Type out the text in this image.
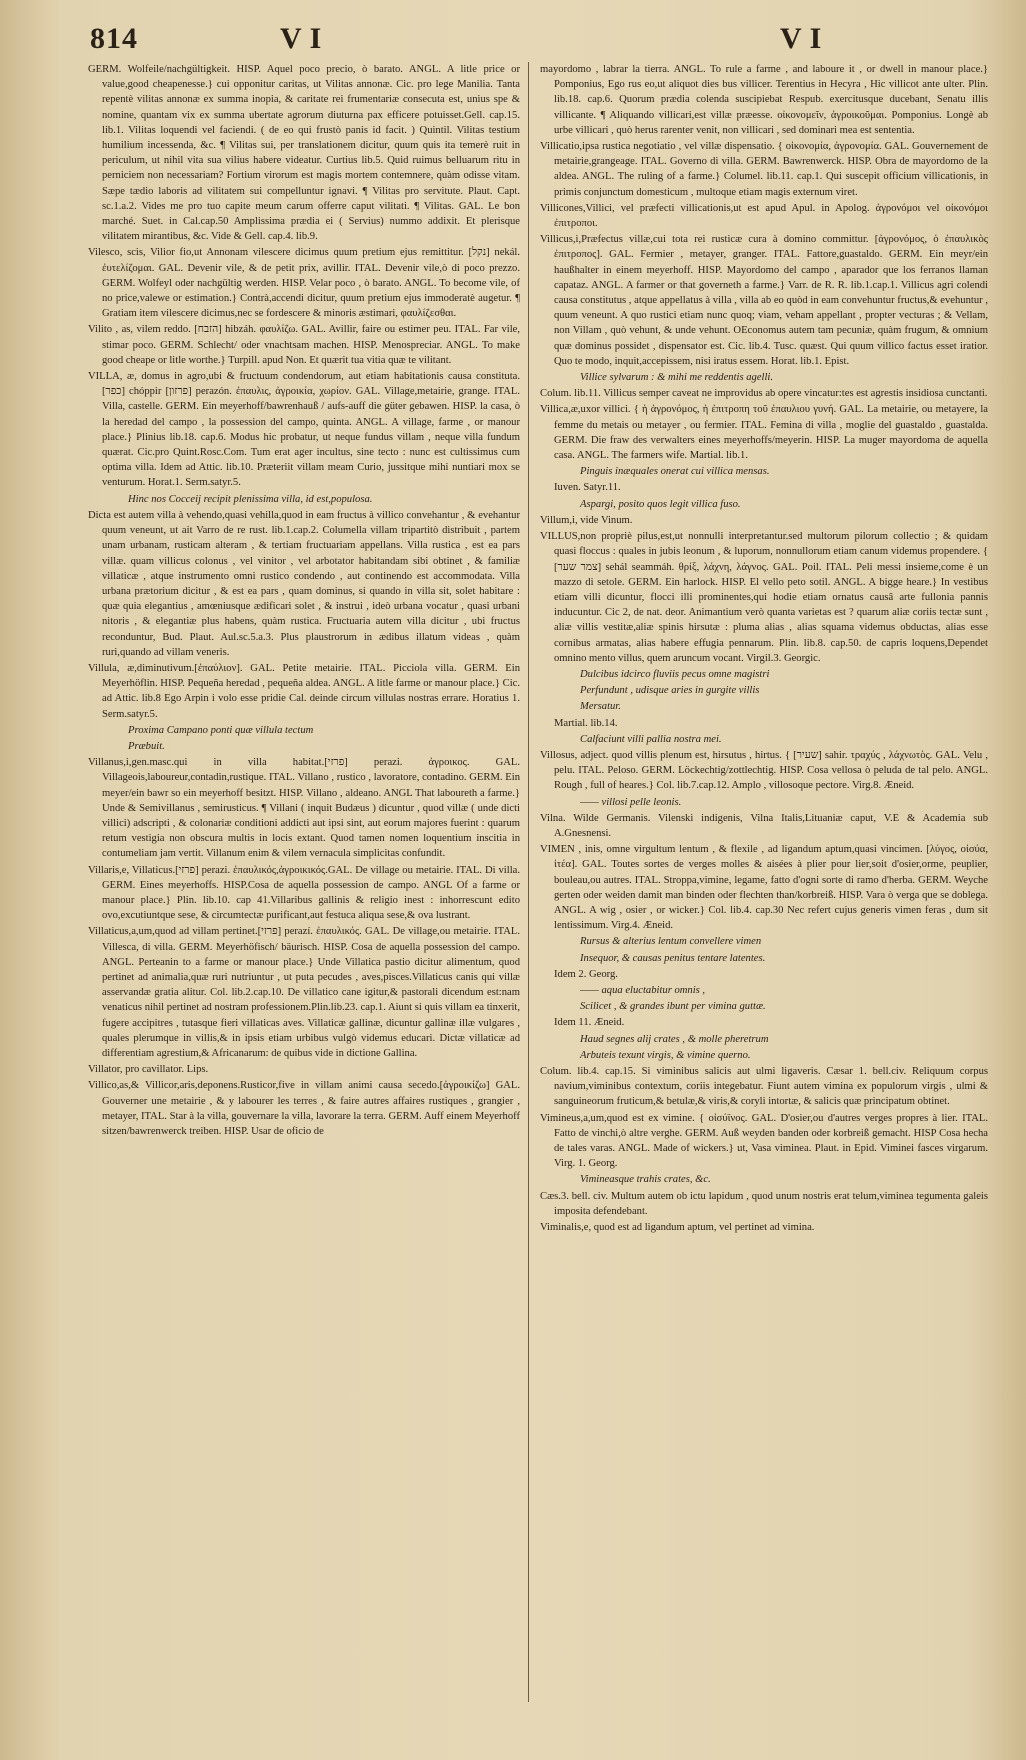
814	VI	VI

GERM. Wolfeile/nachgültigkeit. HISP. Aquel poco precio, ò barato. ANGL. A litle price or value,good cheapenesse.} cui opponitur caritas, ut Vilitas annonæ. Cic. pro lege Manilia. Tanta repentè vilitas annonæ ex summa inopia, & caritate rei frumentariæ consecuta est, unius spe & nomine, quantam vix ex summa ubertate agrorum diuturna pax efficere potuisset.Gell. cap.15. lib.1. Vilitas loquendi vel faciendi. ( de eo qui frustò panis id facit. ) Quintil. Vilitas testium humilium incessenda, &c. ¶ Vilitas sui, per translationem dicitur, quum quis ita temerè ruit in periculum, ut nihil vita sua vilius habere videatur. Curtius lib.5. Quid ruimus belluarum ritu in perniciem non necessariam? Fortium virorum est magis mortem contemnere, quàm odisse vitam. Sæpe tædio laboris ad vilitatem sui compelluntur ignavi. ¶ Vilitas pro servitute. Plaut. Capt. sc.1.a.2. Vides me pro tuo capite meum carum offerre caput vilitati. ¶ Vilitas. GAL. Le bon marché. Suet. in Cal.cap.50 Amplissima prædia ei ( Servius) nummo addixit. Et plerisque vilitatem mirantibus, &c. Vide & Gell. cap.4. lib.9.

Vilesco, scis, Vilior fio,ut Annonam vilescere dicimus quum pretium ejus remittitur. [נקל] nekál. ἐυτελίζομαι. GAL. Devenir vile, & de petit prix, avillir. ITAL. Devenir vile,ò di poco prezzo. GERM. Wolfeyl oder nachgültig werden. HISP. Velar poco , ò barato. ANGL. To become vile, of no price,valewe or estimation.} Contrà,accendi dicitur, quum pretium ejus immoderatè augetur. ¶ Gratiam item vilescere dicimus,nec se fordescere & minoris æstimari, φαυλίζεσθαι.

Vilito , as, vilem reddo. [הזבח] hibzáh. φαυλίζω. GAL. Avillir, faire ou estimer peu. ITAL. Far vile, stimar poco. GERM. Schlecht/ oder vnachtsam machen. HISP. Menospreciar. ANGL. To make good cheape or litle worthe.} Turpill. apud Non. Et quærit tua vitia quæ te vilitant.

VILLA, æ, domus in agro,ubi & fructuum condendorum, aut etiam habitationis causa constituta. [כפר] chóppir [פרזון] perazón. ἐπαυλις, ἀγροικία, χωρίον. GAL. Village,metairie, grange. ITAL. Villa, castelle. GERM. Ein meyerhoff/bawrenhauß / aufs-auff die güter gebawen. HISP. la casa, ò la heredad del campo , la possession del campo, quinta. ANGL. A village, farme , or manour place.} Plinius lib.18. cap.6. Modus hic probatur, ut neque fundus villam , neque villa fundum quærat. Cic.pro Quint.Rosc.Com. Tum erat ager incultus, sine tecto : nunc est cultissimus cum optima villa. Idem ad Attic. lib.10. Præteriit villam meam Curio, jussitque mihi nuntiari mox se venturum. Horat.1. Serm.satyr.5.

Hinc nos Cocceij recipit plenissima villa, id est,populosa.

Dicta est autem villa à vehendo,quasi vehilla,quod in eam fructus à villico convehantur , & evehantur quum veneunt, ut ait Varro de re rust. lib.1.cap.2. Columella villam tripartitò distribuit , partem unam urbanam, rusticam alteram , & tertiam fructuariam appellans. Villa rustica , est ea pars villæ. quam villicus colonus , vel vinitor , vel arbotator habitandam sibi obtinet , & familiæ villaticæ , atque instrumento omni rustico condendo , aut continendo est accommodata. Villa urbana prætorium dicitur , & est ea pars , quam dominus, si quando in villa sit, solet habitare : quæ quia elegantius , amœniusque ædificari solet , & instrui , ideò urbana vocatur , quasi urbani nitoris , & elegantiæ plus habens, quàm rustica. Fructuaria autem villa dicitur , ubi fructus reconduntur, Bud. Plaut. Aul.sc.5.a.3. Plus plaustrorum in ædibus illatum videas , quàm ruri,quando ad villam veneris.

Villula, æ,diminutivum.[ἐπαύλιον]. GAL. Petite metairie. ITAL. Picciola villa. GERM. Ein Meyerhöflin. HISP. Pequeña heredad , pequeña aldea. ANGL. A litle farme or manour place.} Cic. ad Attic. lib.8 Ego Arpin i volo esse pridie Cal. deinde circum villulas nostras errare. Horatius 1. Serm.satyr.5.

Proxima Campano ponti quæ villula tectum

Præbuit.

Villanus,i,gen.masc.qui in villa habitat.[פרזי] perazi. ἀγροικος. GAL. Villageois,laboureur,contadin,rustique. ITAL. Villano , rustico , lavoratore, contadino. GERM. Ein meyer/ein bawr so ein meyerhoff besitzt. HISP. Villano , aldeano. ANGL That laboureth a farme.} Unde & Semivillanus , semirusticus. ¶ Villani ( inquit Budæus ) dicuntur , quod villæ ( unde dicti villici) adscripti , & colonariæ conditioni addicti aut ipsi sint, aut eorum majores fuerint : quarum retum vestigia non obscura multis in locis extant. Quod tamen nomen loquentium inscitia in contumeliam jam vertit. Villanum enim & vilem vernacula simplicitas confundit.

Villaris,e, Villaticus.[פרזי] perazi. ἐπαυλικός,ἀγροικικός.GAL. De village ou metairie. ITAL. Di villa. GERM. Eines meyerhoffs. HISP.Cosa de aquella possession de campo. ANGL Of a farme or manour place.} Plin. lib.10. cap 41.Villaribus gallinis & religio inest : inhorrescunt edito ovo,excutiuntque sese, & circumtectæ purificant,aut festuca aliqua sese,& ova lustrant.

Villaticus,a,um,quod ad villam pertinet.[פרזי] perazí. ἐπαυλικός. GAL. De village,ou metairie. ITAL. Villesca, di villa. GERM. Meyerhöfisch/ bäurisch. HISP. Cosa de aquella possession del campo. ANGL. Perteanin to a farme or manour place.} Unde Villatica pastio dicitur alimentum, quod pertinet ad animalia,quæ ruri nutriuntur , ut puta pecudes , aves,pisces.Villaticus canis qui villæ asservandæ gratia alitur. Col. lib.2.cap.10. De villatico cane igitur,& pastorali dicendum est:nam venaticus nihil pertinet ad nostram professionem.Plin.lib.23. cap.1. Aiunt si quis villam ea tinxerit, fugere accipitres , tutasque fieri villaticas aves. Villaticæ gallinæ, dicuntur gallinæ illæ vulgares , quales plerumque in villis,& in ipsis etiam urbibus vulgò videmus educari. Dictæ villaticæ ad differentiam agrestium,& Africanarum: de quibus vide in dictione Gallina.

Villator, pro cavillator. Lips.

Villico,as,& Villicor,aris,deponens.Rusticor,five in villam animi causa secedo.[ἀγροικίζω] GAL. Gouverner une metairie , & y labourer les terres , & faire autres affaires rustiques , grangier , metayer, ITAL. Star à la villa, gouvernare la villa, lavorare la terra. GERM. Auff einem Meyerhoff sitzen/bawrenwerck treiben. HISP. Usar de oficio de

mayordomo , labrar la tierra. ANGL. To rule a farme , and laboure it , or dwell in manour place.} Pomponius, Ego rus eo,ut aliquot dies bus villicer. Terentius in Hecyra , Hic villicot ante ulter. Plin. lib.18. cap.6. Quorum prædia colenda suscipiebat Respub. exercitusque ducebant, Senatu illis villicante. ¶ Aliquando villicari,est villæ præesse. οἰκονομεῖν, ἀγροικοῦμαι. Pomponius. Longè ab urbe villicari , quò herus rarenter venit, non villicari , sed dominari mea est sententia.

Villicatio,ipsa rustica negotiatio , vel villæ dispensatio. { οἰκονομία, ἀγρονομία. GAL. Gouvernement de metairie,grangeage. ITAL. Governo di villa. GERM. Bawrenwerck. HISP. Obra de mayordomo de la aldea. ANGL. The ruling of a farme.} Columel. lib.11. cap.1. Qui suscepit officium villicationis, in primis conjunctum domesticum , multoque etiam magis externum viret.

Villicones,Villici, vel præfecti villicationis,ut est apud Apul. in Apolog. ἀγρονόμοι vel οἰκονόμοι ἐπιτροποι.

Villicus,i,Præfectus villæ,cui tota rei rusticæ cura à domino committur. [ἀγρονόμος, ὁ ἐπαυλικὸς ἐπιτροπος]. GAL. Fermier , metayer, granger. ITAL. Fattore,guastaldo. GERM. Ein meyr/ein haußhalter in einem meyerhoff. HISP. Mayordomo del campo , aparador que los ferranos llaman capataz. ANGL. A farmer or that governeth a farme.} Varr. de R. R. lib.1.cap.1. Villicus agri colendi causa constitutus , atque appellatus à villa , villa ab eo quòd in eam convehuntur fructus,& evehuntur , quum veneunt. A quo rustici etiam nunc quoq; viam, veham appellant , propter vecturas ; & Vellam, non Villam , quò vehunt, & unde vehunt. OEconomus autem tam pecuniæ, quàm frugum, & omnium quæ dominus possidet , dispensator est. Cic. lib.4. Tusc. quæst. Qui quum villico factus esset iratior. Quo te modo, inquit,accepissem, nisi iratus essem. Horat. lib.1. Epist.

Villice sylvarum : & mihi me reddentis agelli.

Colum. lib.11. Villicus semper caveat ne improvidus ab opere vincatur:tes est agrestis insidiosa cunctanti.

Villica,æ,uxor villici. { ἡ ἀγρονόμος, ἡ ἐπιτροπη τοῦ ἐπαυλιου γυνή. GAL. La metairie, ou metayere, la femme du metais ou metayer , ou fermier. ITAL. Femina di villa , moglie del guastaldo , guastalda. GERM. Die fraw des verwalters eines meyerhoffs/meyerin. HISP. La muger mayordoma de aquella casa. ANGL. The farmers wife. Martial. lib.1.

Pinguis inæquales onerat cui villica mensas.

Iuven. Satyr.11.

Aspargi, posito quos legit villica fuso.

Villum,i, vide Vinum.

VILLUS,non propriè pilus,est,ut nonnulli interpretantur.sed multorum pilorum collectio ; & quidam quasi floccus : quales in jubis leonum , & luporum, nonnullorum etiam canum videmus propendere. { [צמר שער] sehál seammáh. θρίξ, λάχνη, λάγνος. GAL. Poil. ITAL. Peli messi insieme,come è un mazzo di setole. GERM. Ein harlock. HISP. El vello peto sotil. ANGL. A bigge heare.} In vestibus etiam villi dicuntur, flocci illi prominentes,qui hodie etiam ornatus causâ arte fullonia pannis inducuntur. Cic 2, de nat. deor. Animantium verò quanta varietas est ? quarum aliæ coriis tectæ sunt , aliæ villis vestitæ,aliæ spinis hirsutæ : pluma alias , alias squama videmus obductas, alias esse cornibus armatas, alias habere effugia pennarum. Plin. lib.8. cap.50. de capris loquens,Dependet omnino mento villus, quem aruncum vocant. Virgil.3. Georgic.

Dulcibus idcirco fluviis pecus omne magistri

Perfundunt , udisque aries in gurgite villis

Mersatur.

Martial. lib.14.

Calfaciunt villi pallia nostra mei.

Villosus, adject. quod villis plenum est, hirsutus , hirtus. { [שעיר] sahir. τραχύς , λάχνωτὸς. GAL. Velu , pelu. ITAL. Peloso. GERM. Löckechtig/zottlechtig. HISP. Cosa vellosa ò peluda de tal pelo. ANGL. Rough , full of heares.} Col. lib.7.cap.12. Amplo , villosoque pectore. Virg.8. Æneid.

—— villosi pelle leonis.

Vilna. Wilde Germanis. Vilenski indigenis, Vilna Italis,Lituaniæ caput, V.E & Academia sub A.Gnesnensi.

VIMEN , inis, omne virgultum lentum , & flexile , ad ligandum aptum,quasi vincimen. [λύγος, οἰσύα, ἰτέα]. GAL. Toutes sortes de verges molles & aisées à plier pour lier,soit d'osier,orme, peuplier, bouleau,ou autres. ITAL. Stroppa,vimine, legame, fatto d'ogni sorte di ramo d'herba. GERM. Weyche gerten oder weiden damit man binden oder flechten than/korbreiß. HISP. Vara ò verga que se doblega. ANGL. A wig , osier , or wicker.} Col. lib.4. cap.30 Nec refert cujus generis vimen feras , dum sit lentissimum. Virg.4. Æneid.

Rursus & alterius lentum convellere vimen

Insequor, & causas penitus tentare latentes.

Idem 2. Georg.

—— aqua eluctabitur omnis ,

Scilicet , & grandes ibunt per vimina guttæ.

Idem 11. Æneid.

Haud segnes alij crates , & molle pheretrum

Arbuteis texunt virgis, & vimine querno.

Colum. lib.4. cap.15. Si viminibus salicis aut ulmi ligaveris. Cæsar 1. bell.civ. Reliquum corpus navium,viminibus contextum, coriis integebatur. Fiunt autem vimina ex populorum virgis , ulmi & sanguineorum fruticum,& betulæ,& viris,& coryli intortæ, & salicis quæ principatum obtinet.

Vimineus,a,um,quod est ex vimine. { οἰσύϊνος. GAL. D'osier,ou d'autres verges propres à lier. ITAL. Fatto de vinchi,ò altre verghe. GERM. Auß weyden banden oder korbreiß gemacht. HISP Cosa hecha de tales varas. ANGL. Made of wickers.} ut, Vasa viminea. Plaut. in Epid. Viminei fasces virgarum. Virg. 1. Georg.

Vimineasque trahis crates, &c.

Cæs.3. bell. civ. Multum autem ob ictu lapidum , quod unum nostris erat telum,viminea tegumenta galeis imposita defendebant.

Viminalis,e, quod est ad ligandum aptum, vel pertinet ad vimina.
